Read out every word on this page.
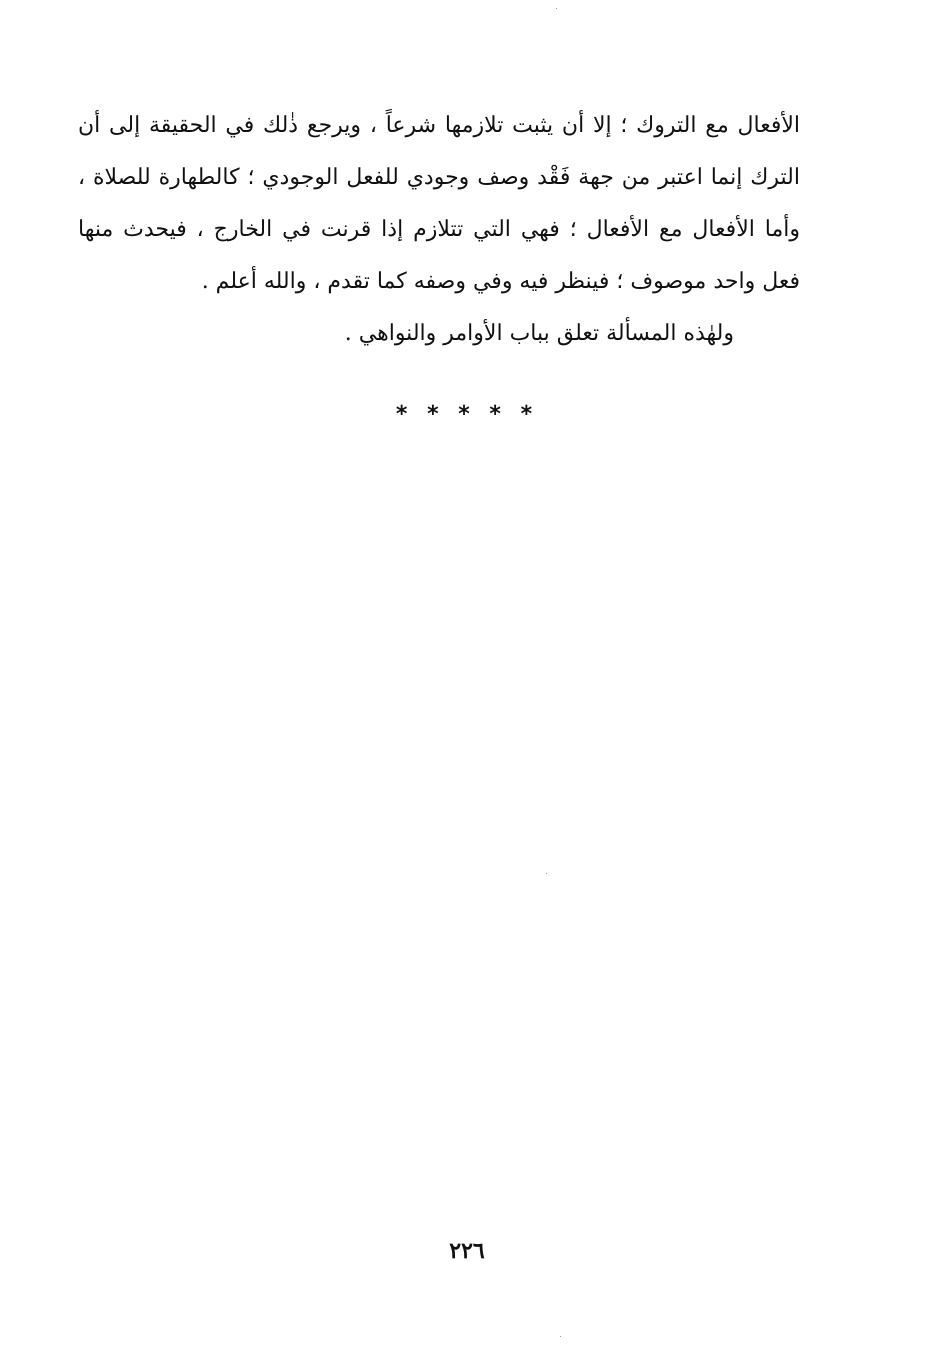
الأفعال مع التروك ؛ إلا أن يثبت تلازمها شرعاً ، ويرجع ذٰلك في الحقيقة إلى أن
الترك إنما اعتبر من جهة فَقْد وصف وجودي للفعل الوجودي ؛ كالطهارة للصلاة ،
وأما الأفعال مع الأفعال ؛ فهي التي تتلازم إذا قرنت في الخارج ، فيحدث منها
فعل واحد موصوف ؛ فينظر فيه وفي وصفه كما تقدم ، والله أعلم .
ولهٰذه المسألة تعلق بباب الأوامر والنواهي .
* * * * *
٢٢٦
